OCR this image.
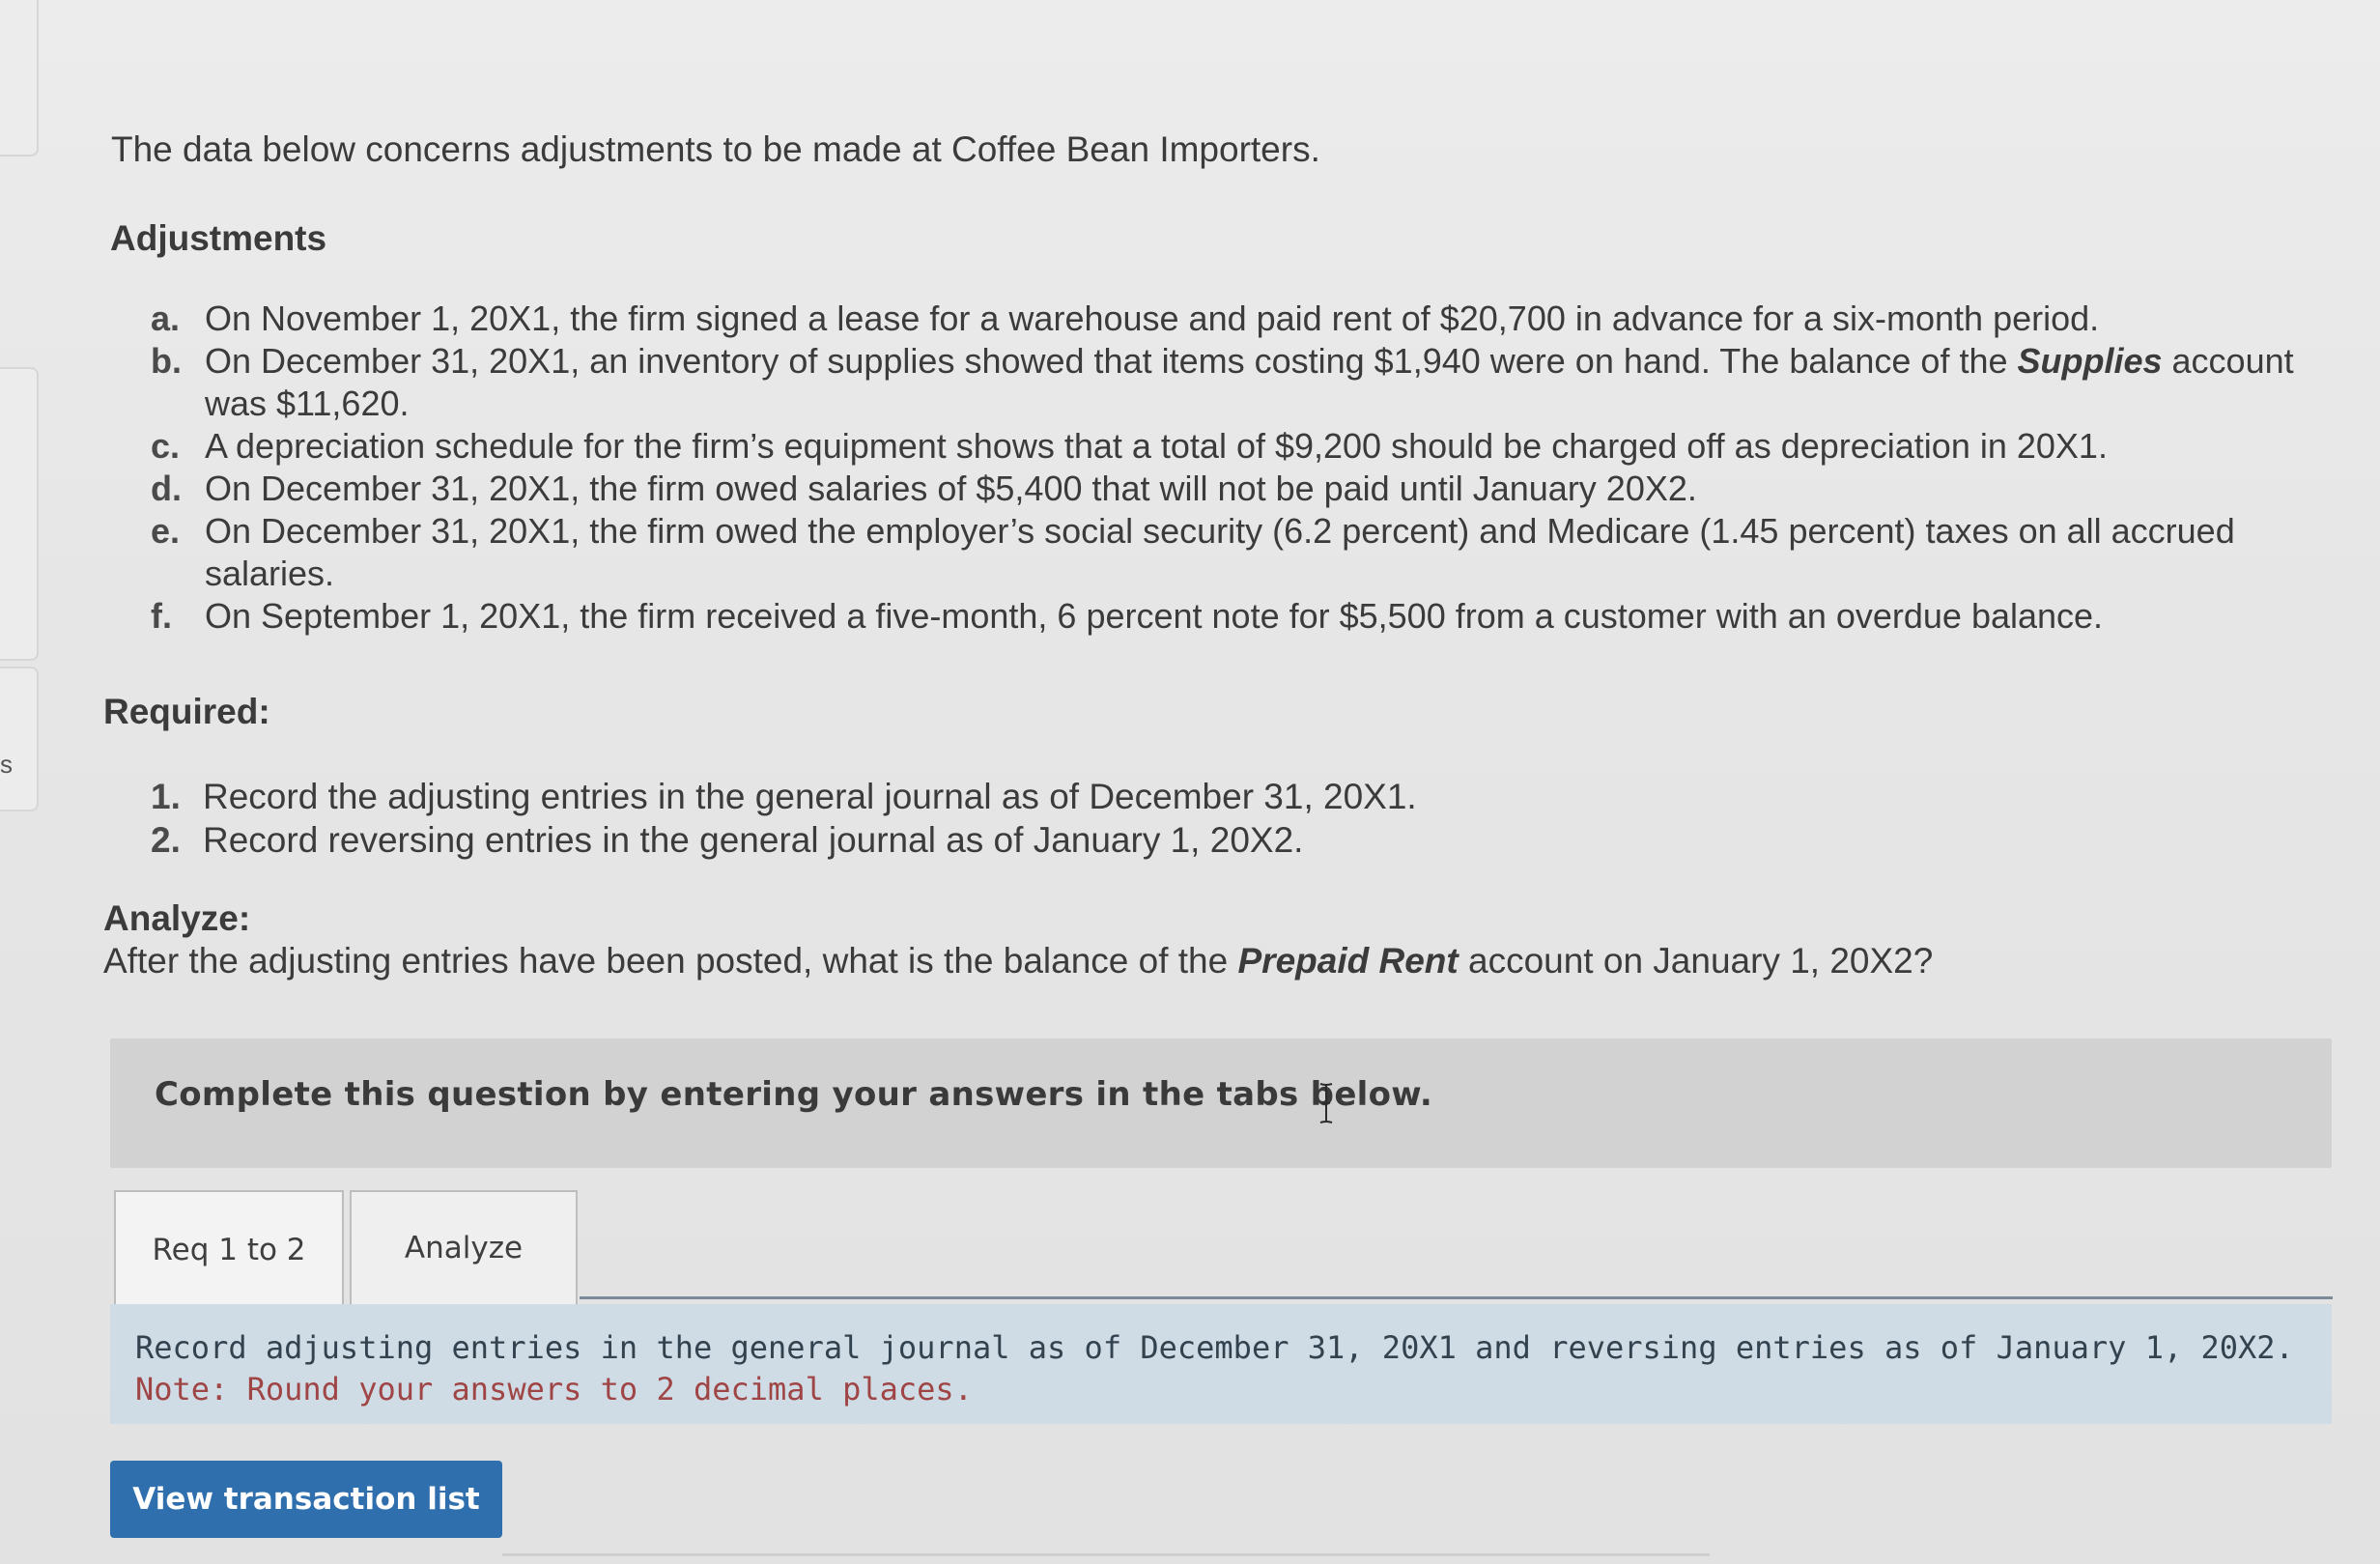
s
The data below concerns adjustments to be made at Coffee Bean Importers.
Adjustments
a. On November 1, 20X1, the firm signed a lease for a warehouse and paid rent of $20,700 in advance for a six-month period.
b. On December 31, 20X1, an inventory of supplies showed that items costing $1,940 were on hand. The balance of the Supplies account was $11,620.
c. A depreciation schedule for the firm’s equipment shows that a total of $9,200 should be charged off as depreciation in 20X1.
d. On December 31, 20X1, the firm owed salaries of $5,400 that will not be paid until January 20X2.
e. On December 31, 20X1, the firm owed the employer’s social security (6.2 percent) and Medicare (1.45 percent) taxes on all accrued salaries.
f. On September 1, 20X1, the firm received a five-month, 6 percent note for $5,500 from a customer with an overdue balance.
Required:
1. Record the adjusting entries in the general journal as of December 31, 20X1.
2. Record reversing entries in the general journal as of January 1, 20X2.
Analyze:
After the adjusting entries have been posted, what is the balance of the Prepaid Rent account on January 1, 20X2?
Complete this question by entering your answers in the tabs below.
Req 1 to 2	Analyze
Record adjusting entries in the general journal as of December 31, 20X1 and reversing entries as of January 1, 20X2.
Note: Round your answers to 2 decimal places.
View transaction list
